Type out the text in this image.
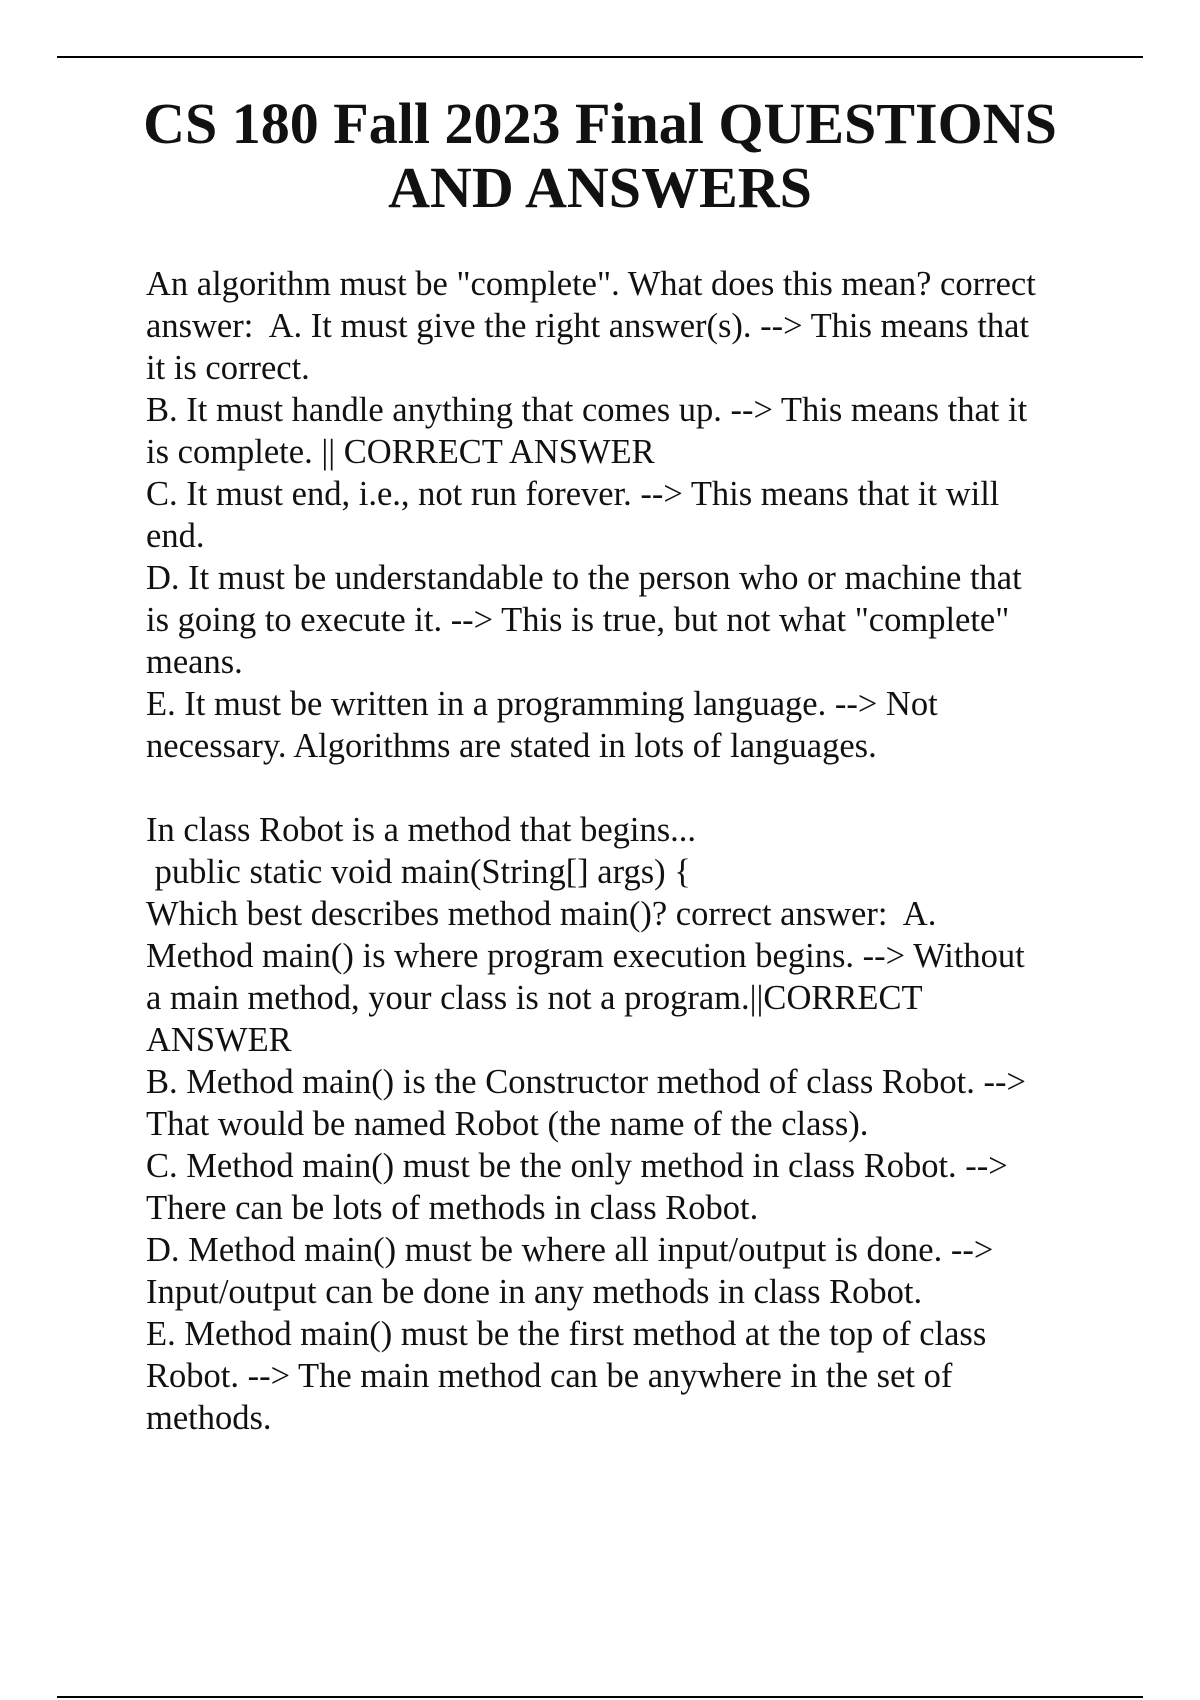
CS 180 Fall 2023 Final QUESTIONS
AND ANSWERS
An algorithm must be "complete". What does this mean? correct
answer:  A. It must give the right answer(s). --> This means that
it is correct.
B. It must handle anything that comes up. --> This means that it
is complete. || CORRECT ANSWER
C. It must end, i.e., not run forever. --> This means that it will
end.
D. It must be understandable to the person who or machine that
is going to execute it. --> This is true, but not what "complete"
means.
E. It must be written in a programming language. --> Not
necessary. Algorithms are stated in lots of languages.
In class Robot is a method that begins...
public static void main(String[] args) {
Which best describes method main()? correct answer:  A.
Method main() is where program execution begins. --> Without
a main method, your class is not a program.||CORRECT
ANSWER
B. Method main() is the Constructor method of class Robot. -->
That would be named Robot (the name of the class).
C. Method main() must be the only method in class Robot. -->
There can be lots of methods in class Robot.
D. Method main() must be where all input/output is done. -->
Input/output can be done in any methods in class Robot.
E. Method main() must be the first method at the top of class
Robot. --> The main method can be anywhere in the set of
methods.
